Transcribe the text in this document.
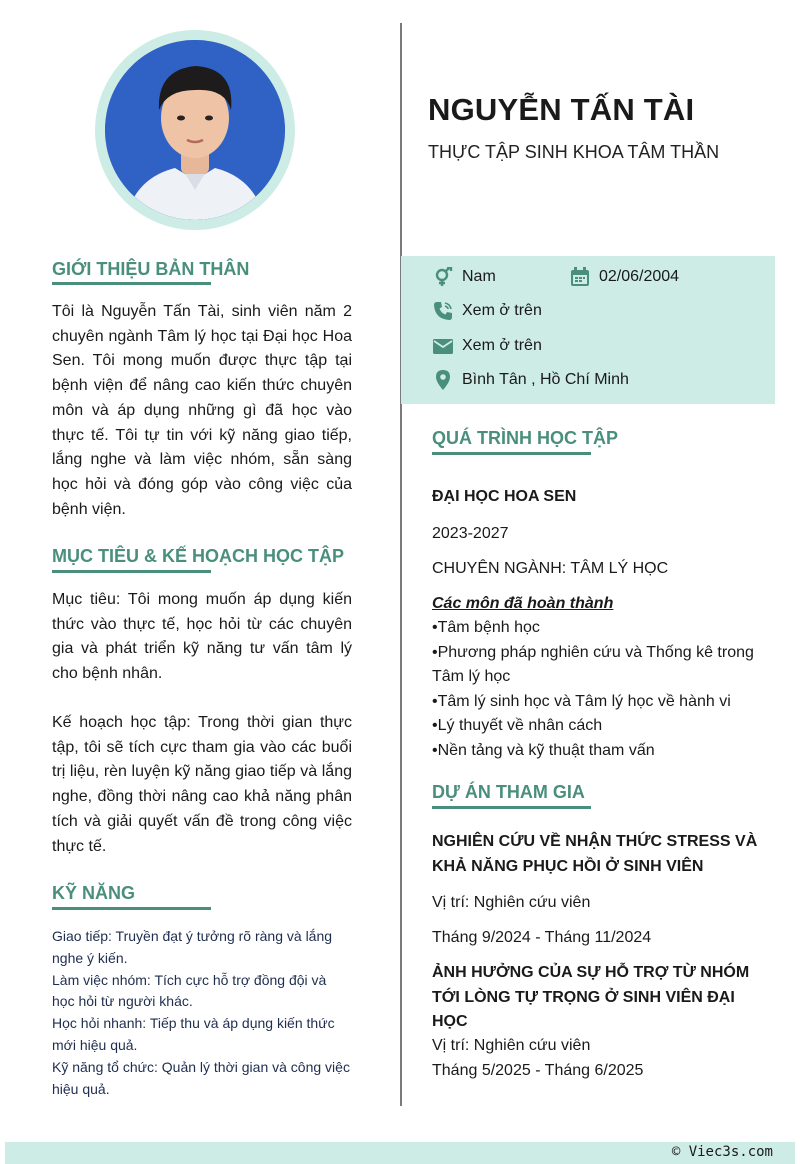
NGUYỄN TẤN TÀI
THỰC TẬP SINH KHOA TÂM THẦN
Nam	02/06/2004
Xem ở trên
Xem ở trên
Bình Tân , Hồ Chí Minh
GIỚI THIỆU BẢN THÂN
Tôi là Nguyễn Tấn Tài, sinh viên năm 2 chuyên ngành Tâm lý học tại Đại học Hoa Sen. Tôi mong muốn được thực tập tại bệnh viện để nâng cao kiến thức chuyên môn và áp dụng những gì đã học vào thực tế. Tôi tự tin với kỹ năng giao tiếp, lắng nghe và làm việc nhóm, sẵn sàng học hỏi và đóng góp vào công việc của bệnh viện.
MỤC TIÊU & KẾ HOẠCH HỌC TẬP
Mục tiêu: Tôi mong muốn áp dụng kiến thức vào thực tế, học hỏi từ các chuyên gia và phát triển kỹ năng tư vấn tâm lý cho bệnh nhân.
Kế hoạch học tập: Trong thời gian thực tập, tôi sẽ tích cực tham gia vào các buổi trị liệu, rèn luyện kỹ năng giao tiếp và lắng nghe, đồng thời nâng cao khả năng phân tích và giải quyết vấn đề trong công việc thực tế.
KỸ NĂNG
Giao tiếp: Truyền đạt ý tưởng rõ ràng và lắng nghe ý kiến.
Làm việc nhóm: Tích cực hỗ trợ đồng đội và học hỏi từ người khác.
Học hỏi nhanh: Tiếp thu và áp dụng kiến thức mới hiệu quả.
Kỹ năng tổ chức: Quản lý thời gian và công việc hiệu quả.
QUÁ TRÌNH HỌC TẬP
ĐẠI HỌC HOA SEN
2023-2027
CHUYÊN NGÀNH: TÂM LÝ HỌC
Các môn đã hoàn thành
•Tâm bệnh học
•Phương pháp nghiên cứu và Thống kê trong Tâm lý học
•Tâm lý sinh học và Tâm lý học về hành vi
•Lý thuyết về nhân cách
•Nền tảng và kỹ thuật tham vấn
DỰ ÁN THAM GIA
NGHIÊN CỨU VỀ NHẬN THỨC STRESS VÀ KHẢ NĂNG PHỤC HỒI Ở SINH VIÊN
Vị trí: Nghiên cứu viên
Tháng 9/2024 - Tháng 11/2024
ẢNH HƯỞNG CỦA SỰ HỖ TRỢ TỪ NHÓM TỚI LÒNG TỰ TRỌNG Ở SINH VIÊN ĐẠI HỌC
Vị trí: Nghiên cứu viên
Tháng 5/2025 - Tháng 6/2025
© Viec3s.com
